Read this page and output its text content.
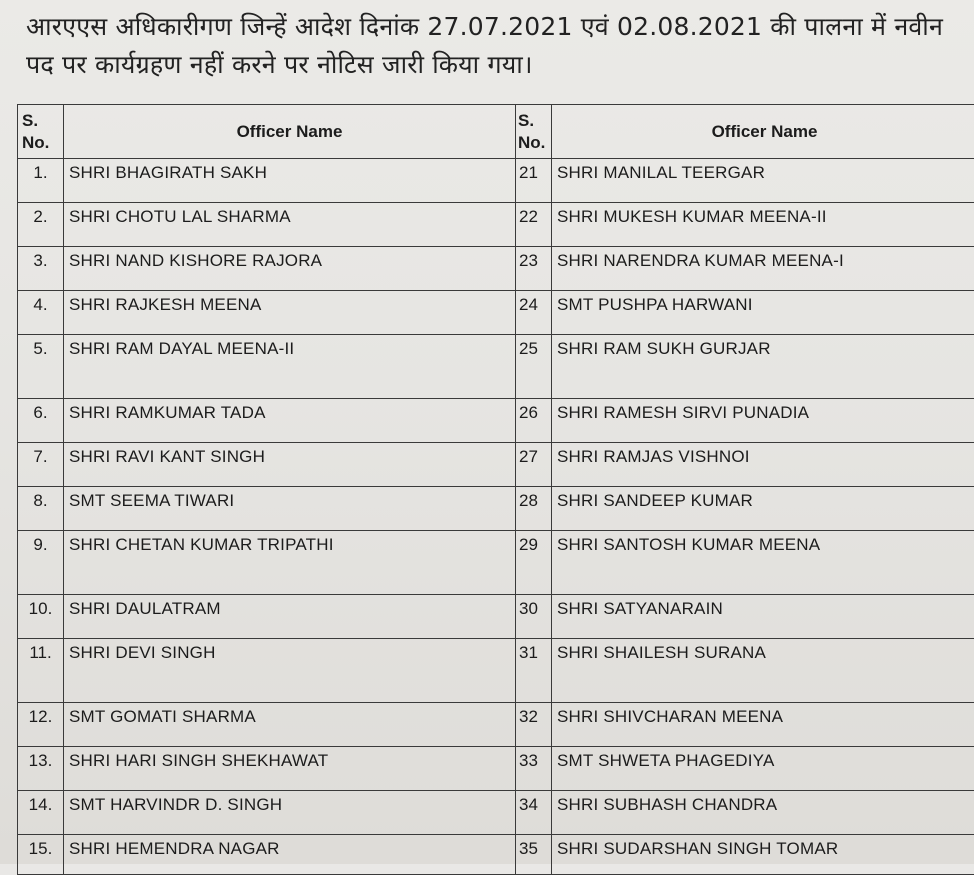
आरएएस अधिकारीगण जिन्हें आदेश दिनांक 27.07.2021 एवं 02.08.2021 की पालना में नवीन
पद पर कार्यग्रहण नहीं करने पर नोटिस जारी किया गया।
S.
No.	Officer Name	S.
No.	Officer Name
1.	SHRI BHAGIRATH SAKH	21	SHRI MANILAL TEERGAR
2.	SHRI CHOTU LAL SHARMA	22	SHRI MUKESH KUMAR MEENA-II
3.	SHRI NAND KISHORE RAJORA	23	SHRI NARENDRA KUMAR MEENA-I
4.	SHRI RAJKESH MEENA	24	SMT PUSHPA HARWANI
5.	SHRI RAM DAYAL MEENA-II	25	SHRI RAM SUKH GURJAR
6.	SHRI RAMKUMAR TADA	26	SHRI RAMESH SIRVI PUNADIA
7.	SHRI RAVI KANT SINGH	27	SHRI RAMJAS VISHNOI
8.	SMT SEEMA TIWARI	28	SHRI SANDEEP KUMAR
9.	SHRI CHETAN KUMAR TRIPATHI	29	SHRI SANTOSH KUMAR MEENA
10.	SHRI DAULATRAM	30	SHRI SATYANARAIN
11.	SHRI DEVI SINGH	31	SHRI SHAILESH SURANA
12.	SMT GOMATI SHARMA	32	SHRI SHIVCHARAN MEENA
13.	SHRI HARI SINGH SHEKHAWAT	33	SMT SHWETA PHAGEDIYA
14.	SMT HARVINDR D. SINGH	34	SHRI SUBHASH CHANDRA
15.	SHRI HEMENDRA NAGAR	35	SHRI SUDARSHAN SINGH TOMAR
